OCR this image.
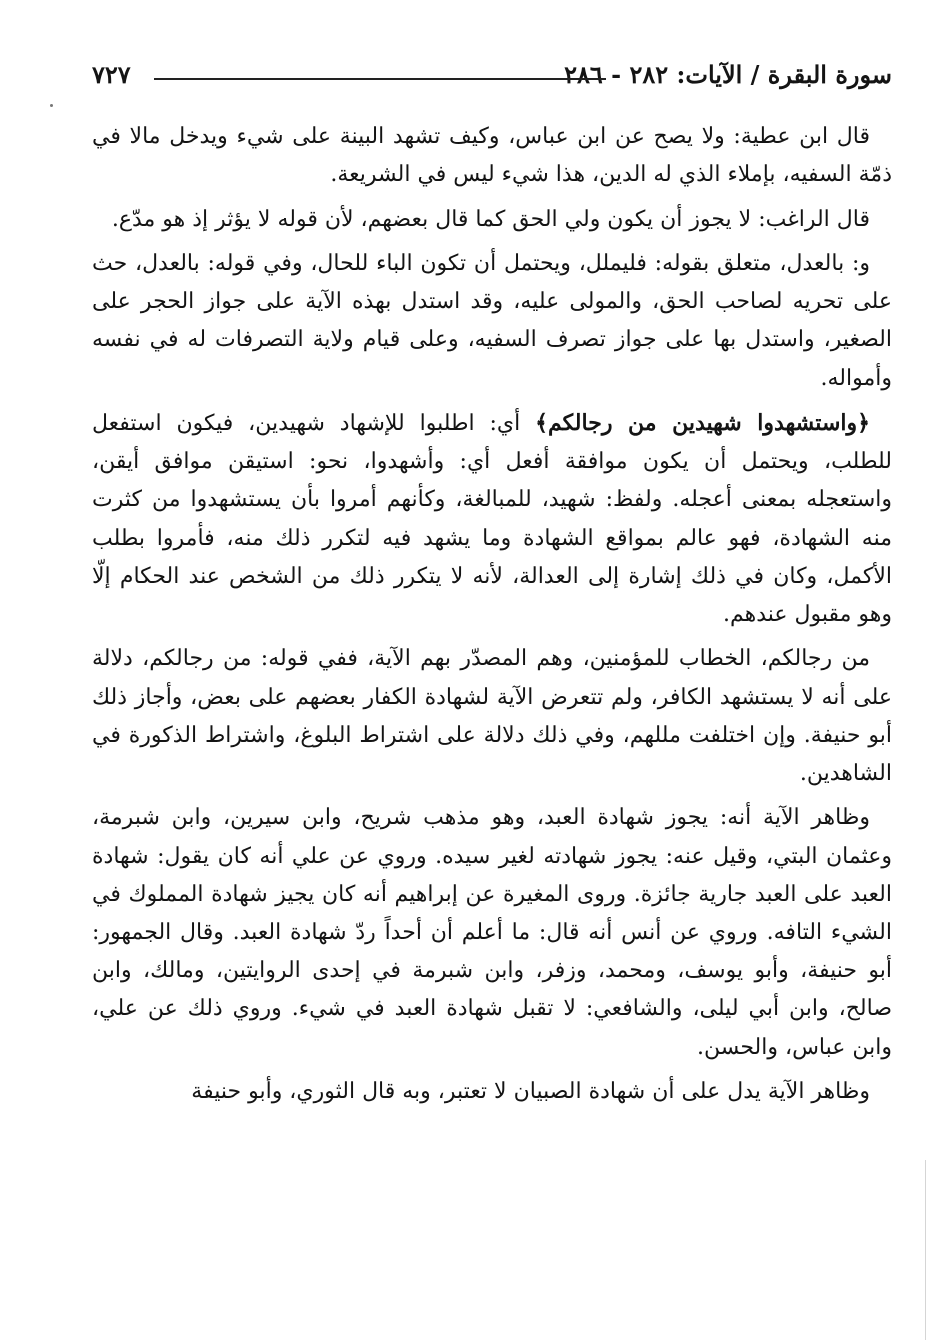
سورة البقرة / الآيات: ٢٨٢ - ٢٨٦
٧٢٧

قال ابن عطية: ولا يصح عن ابن عباس، وكيف تشهد البينة على شيء ويدخل مالا في ذمّة السفيه، بإملاء الذي له الدين، هذا شيء ليس في الشريعة.

قال الراغب: لا يجوز أن يكون ولي الحق كما قال بعضهم، لأن قوله لا يؤثر إذ هو مدّع.

و: بالعدل، متعلق بقوله: فليملل، ويحتمل أن تكون الباء للحال، وفي قوله: بالعدل، حث على تحريه لصاحب الحق، والمولى عليه، وقد استدل بهذه الآية على جواز الحجر على الصغير، واستدل بها على جواز تصرف السفيه، وعلى قيام ولاية التصرفات له في نفسه وأمواله.

﴿واستشهدوا شهيدين من رجالكم﴾ أي: اطلبوا للإشهاد شهيدين، فيكون استفعل للطلب، ويحتمل أن يكون موافقة أفعل أي: وأشهدوا، نحو: استيقن موافق أيقن، واستعجله بمعنى أعجله. ولفظ: شهيد، للمبالغة، وكأنهم أمروا بأن يستشهدوا من كثرت منه الشهادة، فهو عالم بمواقع الشهادة وما يشهد فيه لتكرر ذلك منه، فأمروا بطلب الأكمل، وكان في ذلك إشارة إلى العدالة، لأنه لا يتكرر ذلك من الشخص عند الحكام إلّا وهو مقبول عندهم.

من رجالكم، الخطاب للمؤمنين، وهم المصدّر بهم الآية، ففي قوله: من رجالكم، دلالة على أنه لا يستشهد الكافر، ولم تتعرض الآية لشهادة الكفار بعضهم على بعض، وأجاز ذلك أبو حنيفة. وإن اختلفت مللهم، وفي ذلك دلالة على اشتراط البلوغ، واشتراط الذكورة في الشاهدين.

وظاهر الآية أنه: يجوز شهادة العبد، وهو مذهب شريح، وابن سيرين، وابن شبرمة، وعثمان البتي، وقيل عنه: يجوز شهادته لغير سيده. وروي عن علي أنه كان يقول: شهادة العبد على العبد جارية جائزة. وروى المغيرة عن إبراهيم أنه كان يجيز شهادة المملوك في الشيء التافه. وروي عن أنس أنه قال: ما أعلم أن أحداً ردّ شهادة العبد. وقال الجمهور: أبو حنيفة، وأبو يوسف، ومحمد، وزفر، وابن شبرمة في إحدى الروايتين، ومالك، وابن صالح، وابن أبي ليلى، والشافعي: لا تقبل شهادة العبد في شيء. وروي ذلك عن علي، وابن عباس، والحسن.

وظاهر الآية يدل على أن شهادة الصبيان لا تعتبر، وبه قال الثوري، وأبو حنيفة
